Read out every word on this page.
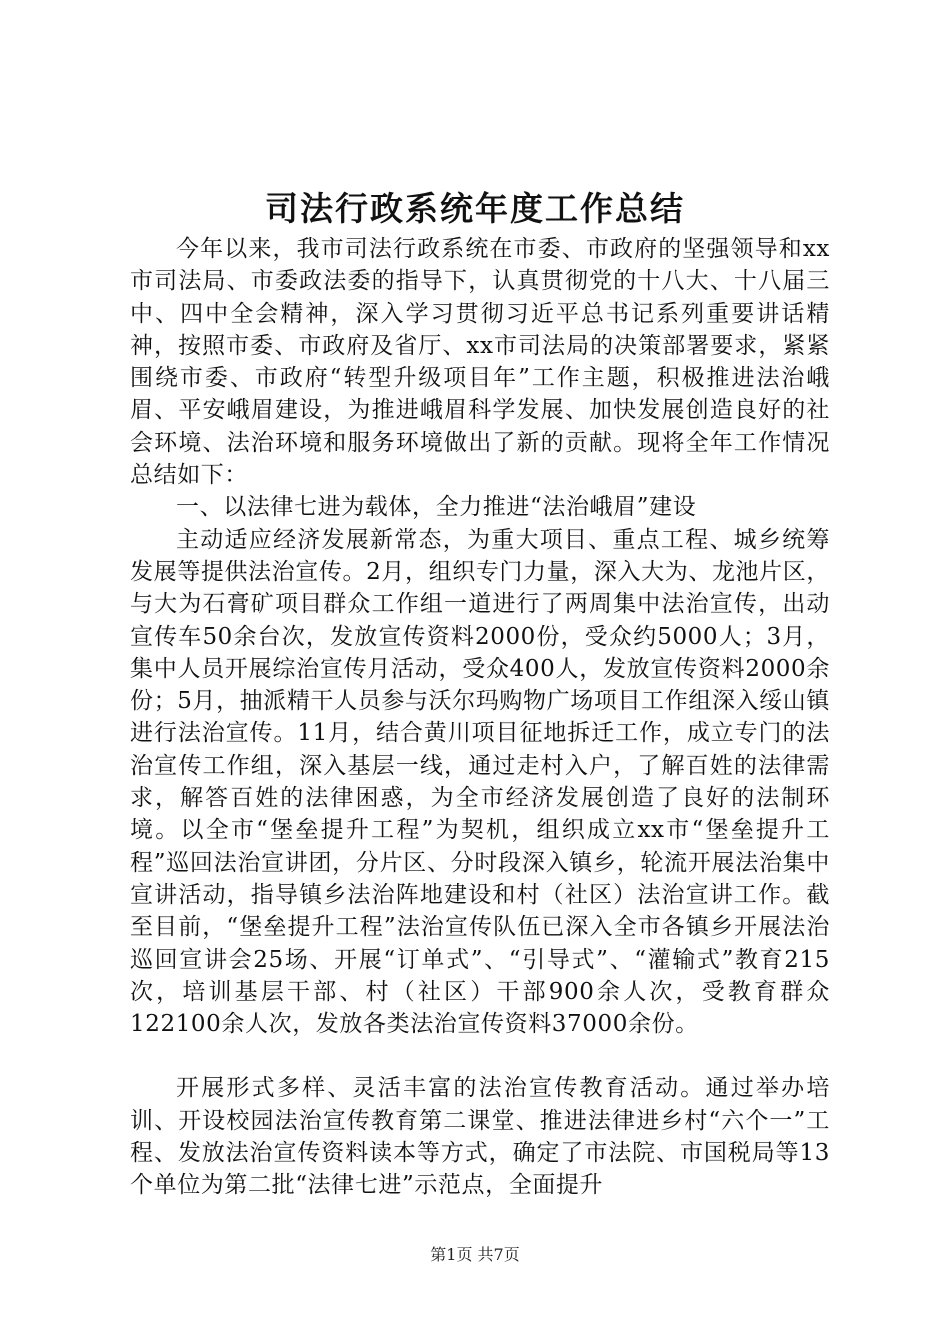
司法行政系统年度工作总结

今年以来，我市司法行政系统在市委、市政府的坚强领导和xx市司法局、市委政法委的指导下，认真贯彻党的十八大、十八届三中、四中全会精神，深入学习贯彻习近平总书记系列重要讲话精神，按照市委、市政府及省厅、xx市司法局的决策部署要求，紧紧围绕市委、市政府“转型升级项目年”工作主题，积极推进法治峨眉、平安峨眉建设，为推进峨眉科学发展、加快发展创造良好的社会环境、法治环境和服务环境做出了新的贡献。现将全年工作情况总结如下：

一、以法律七进为载体，全力推进“法治峨眉”建设

主动适应经济发展新常态，为重大项目、重点工程、城乡统筹发展等提供法治宣传。2月，组织专门力量，深入大为、龙池片区，与大为石膏矿项目群众工作组一道进行了两周集中法治宣传，出动宣传车50余台次，发放宣传资料2000份，受众约5000人；3月，集中人员开展综治宣传月活动，受众400人，发放宣传资料2000余份；5月，抽派精干人员参与沃尔玛购物广场项目工作组深入绥山镇进行法治宣传。11月，结合黄川项目征地拆迁工作，成立专门的法治宣传工作组，深入基层一线，通过走村入户，了解百姓的法律需求，解答百姓的法律困惑，为全市经济发展创造了良好的法制环境。以全市“堡垒提升工程”为契机，组织成立xx市“堡垒提升工程”巡回法治宣讲团，分片区、分时段深入镇乡，轮流开展法治集中宣讲活动，指导镇乡法治阵地建设和村（社区）法治宣讲工作。截至目前，“堡垒提升工程”法治宣传队伍已深入全市各镇乡开展法治巡回宣讲会25场、开展“订单式”、“引导式”、“灌输式”教育215次，培训基层干部、村（社区）干部900余人次，受教育群众122100余人次，发放各类法治宣传资料37000余份。

开展形式多样、灵活丰富的法治宣传教育活动。通过举办培训、开设校园法治宣传教育第二课堂、推进法律进乡村“六个一”工程、发放法治宣传资料读本等方式，确定了市法院、市国税局等13个单位为第二批“法律七进”示范点，全面提升

第1页 共7页
